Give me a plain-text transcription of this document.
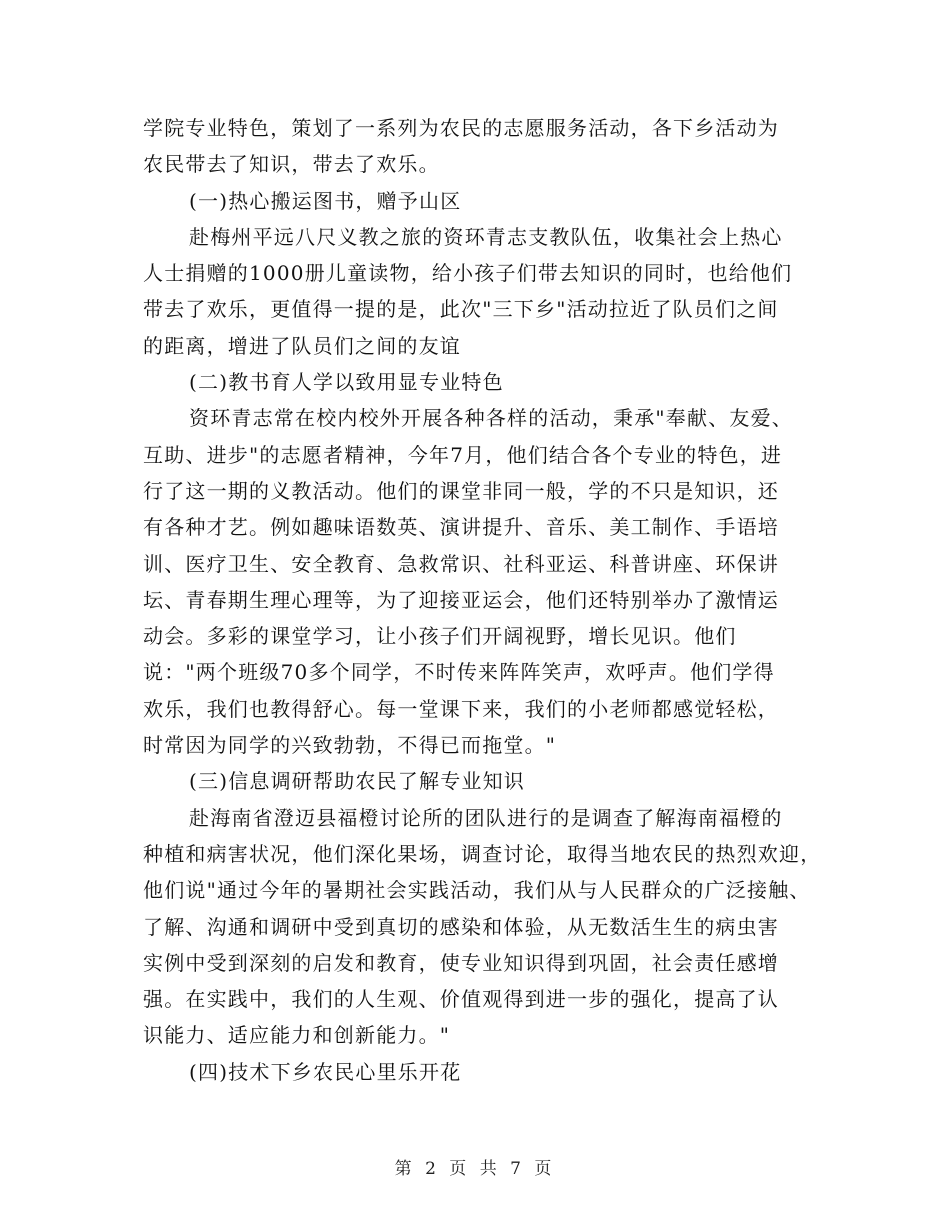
学院专业特色，策划了一系列为农民的志愿服务活动，各下乡活动为
农民带去了知识，带去了欢乐。
(一)热心搬运图书，赠予山区
赴梅州平远八尺义教之旅的资环青志支教队伍，收集社会上热心
人士捐赠的1000册儿童读物，给小孩子们带去知识的同时，也给他们
带去了欢乐，更值得一提的是，此次"三下乡"活动拉近了队员们之间
的距离，增进了队员们之间的友谊
(二)教书育人学以致用显专业特色
资环青志常在校内校外开展各种各样的活动，秉承"奉献、友爱、
互助、进步"的志愿者精神，今年7月，他们结合各个专业的特色，进
行了这一期的义教活动。他们的课堂非同一般，学的不只是知识，还
有各种才艺。例如趣味语数英、演讲提升、音乐、美工制作、手语培
训、医疗卫生、安全教育、急救常识、社科亚运、科普讲座、环保讲
坛、青春期生理心理等，为了迎接亚运会，他们还特别举办了激情运
动会。多彩的课堂学习，让小孩子们开阔视野，增长见识。他们
说："两个班级70多个同学，不时传来阵阵笑声，欢呼声。他们学得
欢乐，我们也教得舒心。每一堂课下来，我们的小老师都感觉轻松，
时常因为同学的兴致勃勃，不得已而拖堂。"
(三)信息调研帮助农民了解专业知识
赴海南省澄迈县福橙讨论所的团队进行的是调查了解海南福橙的
种植和病害状况，他们深化果场，调查讨论，取得当地农民的热烈欢迎，
他们说"通过今年的暑期社会实践活动，我们从与人民群众的广泛接触、
了解、沟通和调研中受到真切的感染和体验，从无数活生生的病虫害
实例中受到深刻的启发和教育，使专业知识得到巩固，社会责任感增
强。在实践中，我们的人生观、价值观得到进一步的强化，提高了认
识能力、适应能力和创新能力。"
(四)技术下乡农民心里乐开花
第 2 页 共 7 页
